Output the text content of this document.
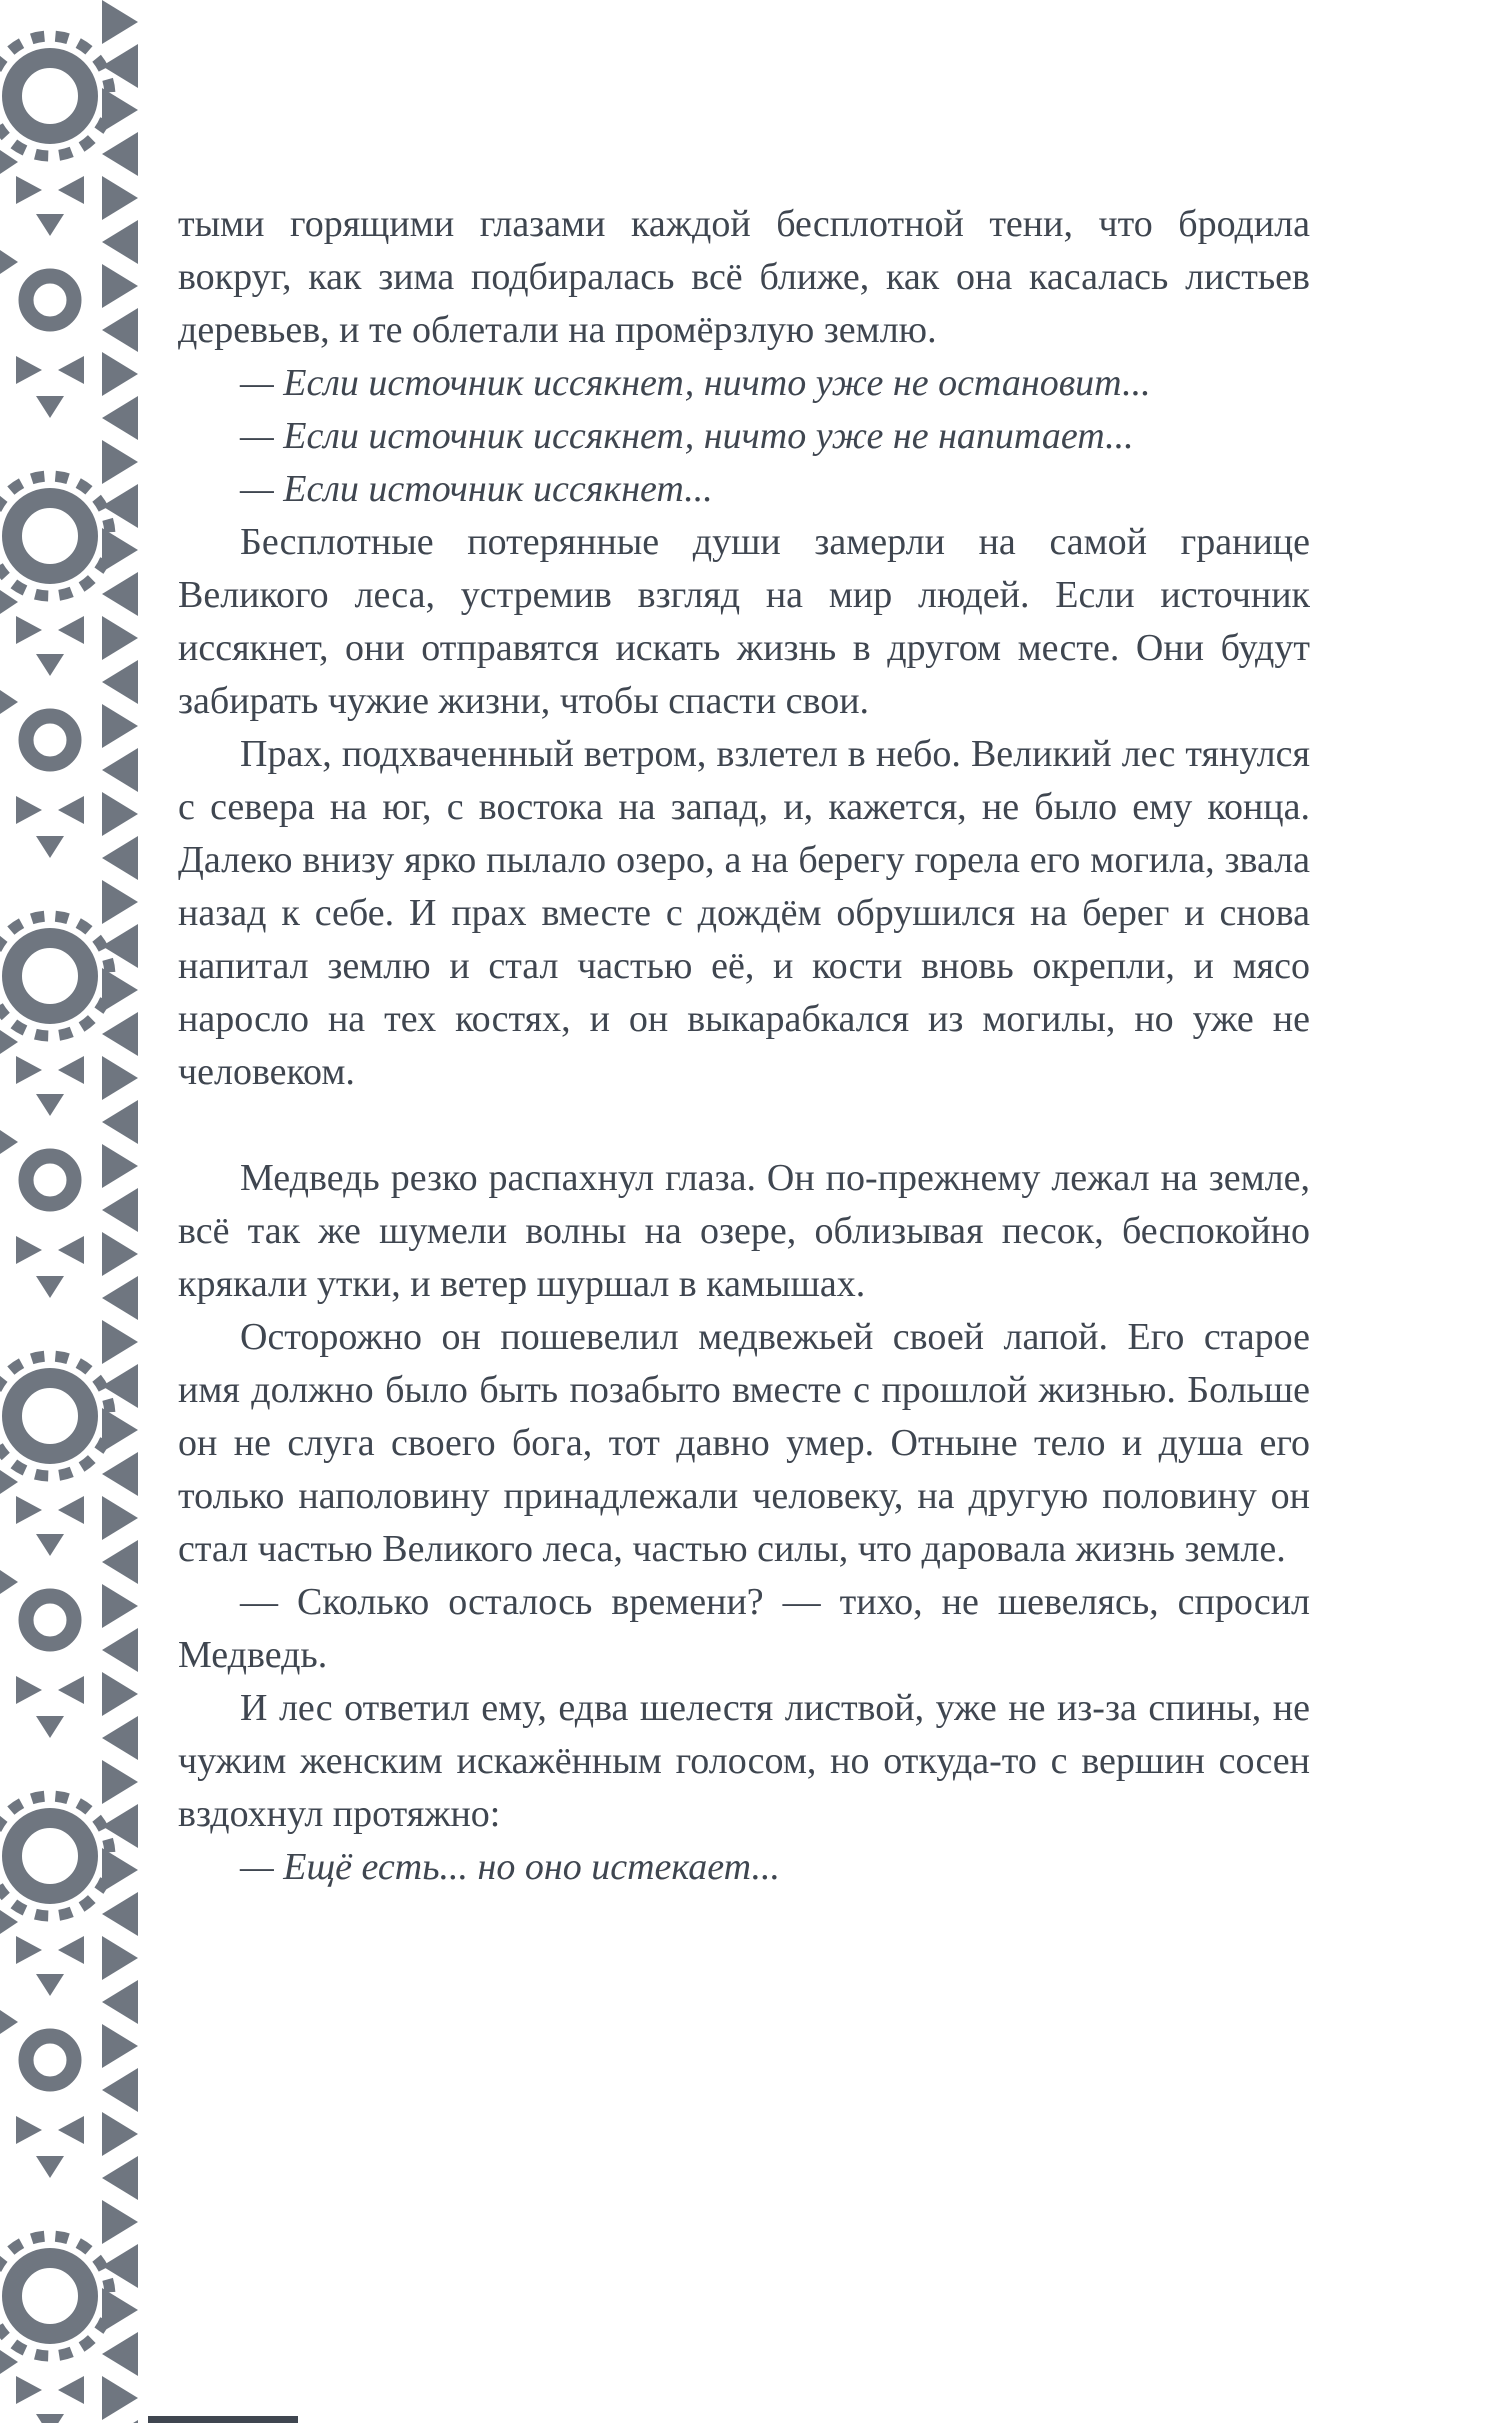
тыми горящими глазами каждой бесплотной тени, что бродила вокруг, как зима подбиралась всё ближе, как она касалась листьев деревьев, и те облетали на промёрзлую землю.

— Если источник иссякнет, ничто уже не остановит...

— Если источник иссякнет, ничто уже не напитает...

— Если источник иссякнет...

Бесплотные потерянные души замерли на самой границе Великого леса, устремив взгляд на мир людей. Если источник иссякнет, они отправятся искать жизнь в другом месте. Они будут забирать чужие жизни, чтобы спасти свои.

Прах, подхваченный ветром, взлетел в небо. Великий лес тянулся с севера на юг, с востока на запад, и, кажется, не было ему конца. Далеко внизу ярко пылало озеро, а на берегу горела его могила, звала назад к себе. И прах вместе с дождём обрушился на берег и снова напитал землю и стал частью её, и кости вновь окрепли, и мясо наросло на тех костях, и он выкарабкался из могилы, но уже не человеком.

Медведь резко распахнул глаза. Он по-прежнему лежал на земле, всё так же шумели волны на озере, облизывая песок, беспокойно крякали утки, и ветер шуршал в камышах.

Осторожно он пошевелил медвежьей своей лапой. Его старое имя должно было быть позабыто вместе с прошлой жизнью. Больше он не слуга своего бога, тот давно умер. Отныне тело и душа его только наполовину принадлежали человеку, на другую половину он стал частью Великого леса, частью силы, что даровала жизнь земле.

— Сколько осталось времени? — тихо, не шевелясь, спросил Медведь.

И лес ответил ему, едва шелестя листвой, уже не из-за спины, не чужим женским искажённым голосом, но откуда-то с вершин сосен вздохнул протяжно:

— Ещё есть... но оно истекает...
